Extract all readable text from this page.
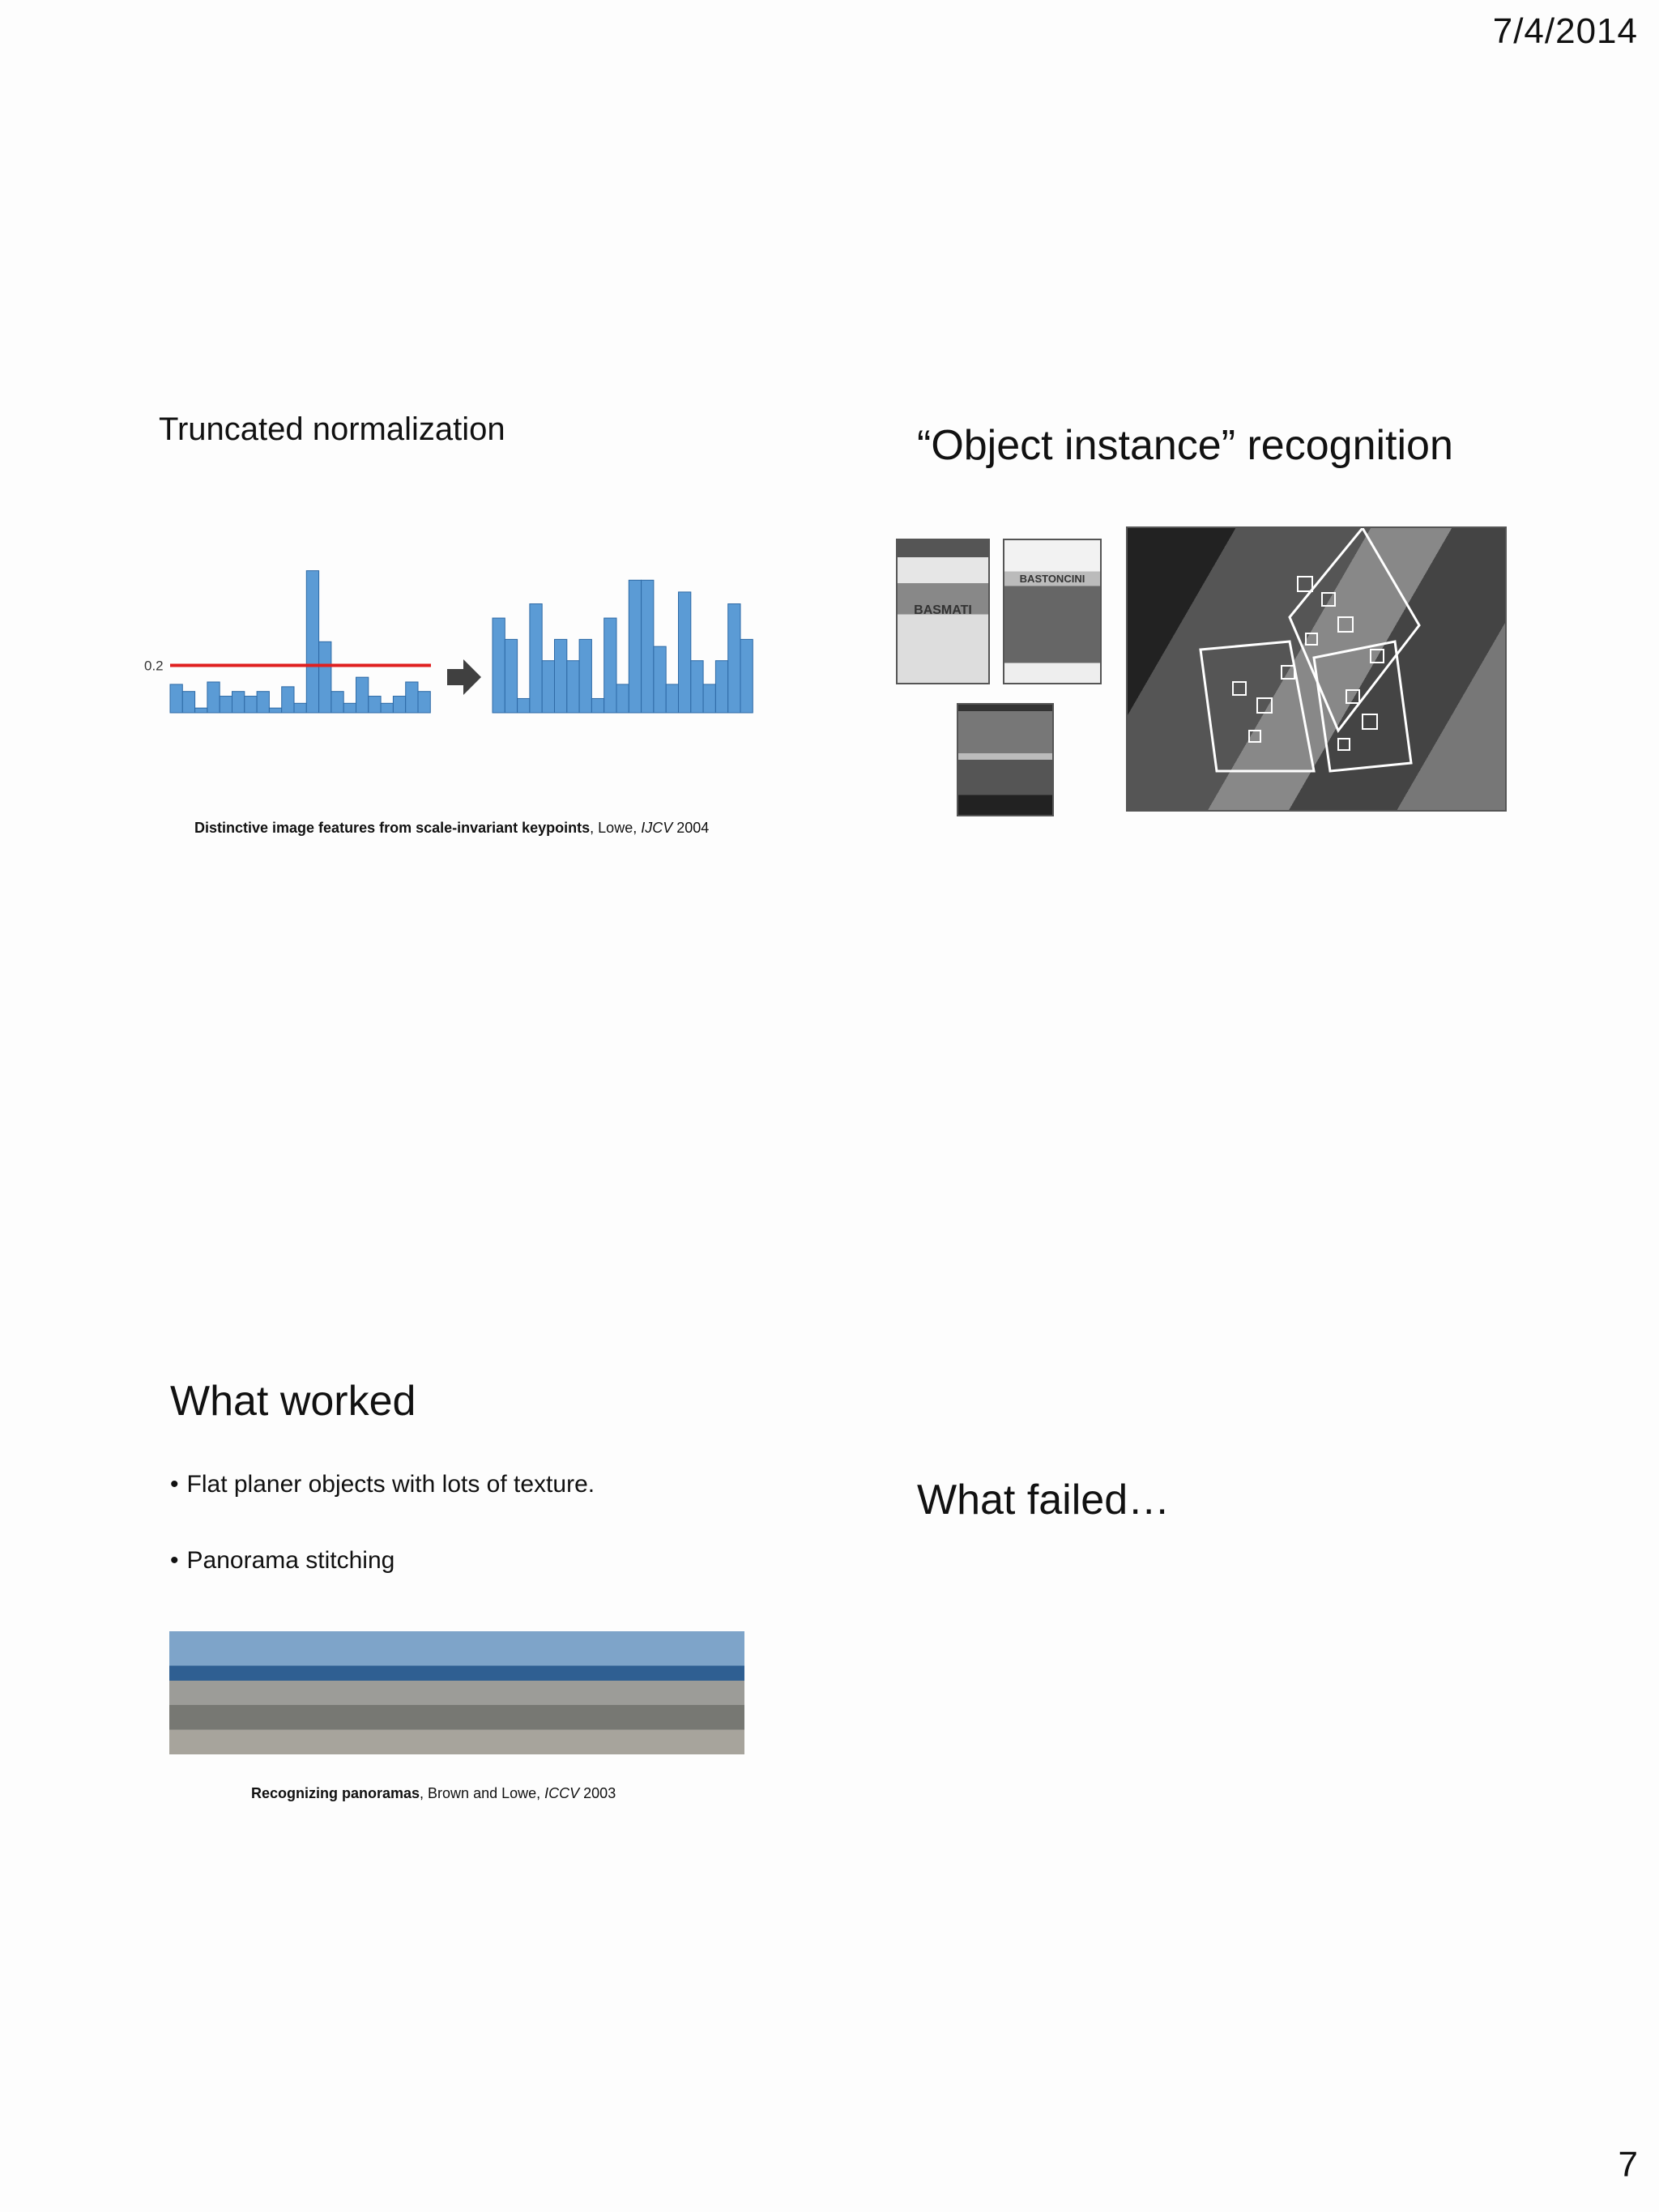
7/4/2014
7
Truncated normalization
0.2
Distinctive image features from scale-invariant keypoints, Lowe, IJCV 2004
“Object instance” recognition
BASMATI
BASTONCINI
What worked
• Flat planer objects with lots of texture.
• Panorama stitching
Recognizing panoramas, Brown and Lowe, ICCV 2003
What failed…
